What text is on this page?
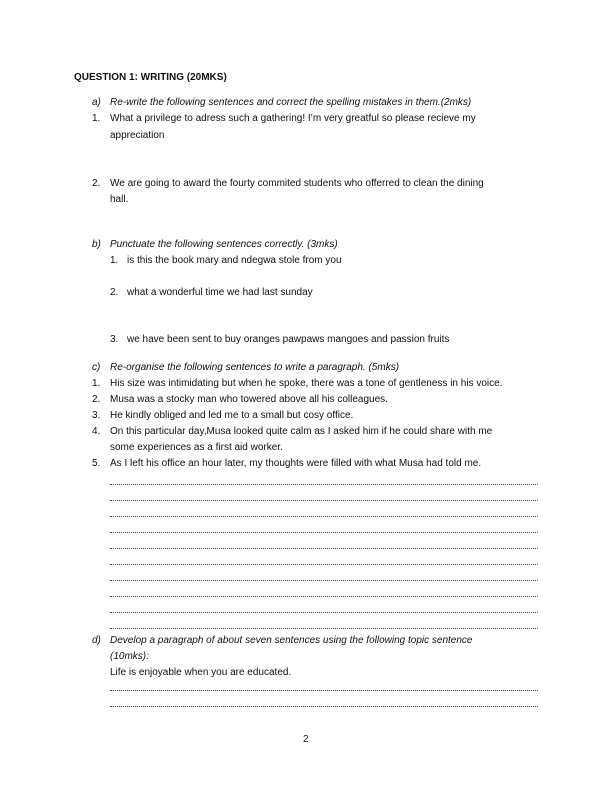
QUESTION 1: WRITING (20MKS)
a) Re-write the following sentences and correct the spelling mistakes in them.(2mks)
1. What a privilege to adress such a gathering! I’m very greatful so please recieve my
appreciation
2. We are going to award the fourty commited students who offerred to clean the dining
hall.
b) Punctuate the following sentences correctly. (3mks)
1. is this the book mary and ndegwa stole from you
2. what a wonderful time we had last sunday
3. we have been sent to buy oranges pawpaws mangoes and passion fruits
c) Re-organise the following sentences to write a paragraph. (5mks)
1. His size was intimidating but when he spoke, there was a tone of gentleness in his voice.
2. Musa was a stocky man who towered above all his colleagues.
3. He kindly obliged and led me to a small but cosy office.
4. On this particular day,Musa looked quite calm as I asked him if he could share with me
some experiences as a first aid worker.
5. As I left his office an hour later, my thoughts were filled with what Musa had told me.
d) Develop a paragraph of about seven sentences using the following topic sentence
(10mks):
Life is enjoyable when you are educated.
2
